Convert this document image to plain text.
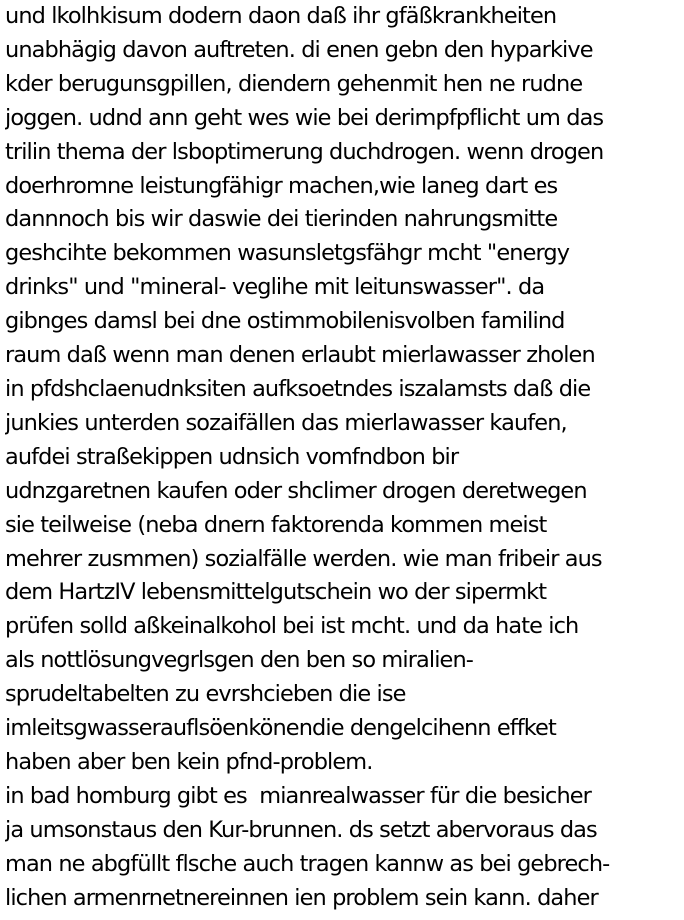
und lkolhkisum dodern daon daß ihr gfäßkrankheiten
unabhägig davon auftreten. di enen gebn den hyparkive
kder berugunsgpillen, diendern gehenmit hen ne rudne
joggen. udnd ann geht wes wie bei derimpfpflicht um das
trilin thema der lsboptimerung duchdrogen. wenn drogen
doerhromne leistungfähigr machen,wie laneg dart es
dannnoch bis wir daswie dei tierinden nahrungsmitte
geshcihte bekommen wasunsletgsfähgr mcht "energy
drinks" und "mineral- veglihe mit leitunswasser". da
gibnges damsl bei dne ostimmobilenisvolben familind
raum daß wenn man denen erlaubt mierlawasser zholen
in pfdshclaenudnksiten aufksoetndes iszalamsts daß die
junkies unterden sozaifällen das mierlawasser kaufen,
aufdei straßekippen udnsich vomfndbon bir
udnzgaretnen kaufen oder shclimer drogen deretwegen
sie teilweise (neba dnern faktorenda kommen meist
mehrer zusmmen) sozialfälle werden. wie man fribeir aus
dem HartzIV lebensmittelgutschein wo der sipermkt
prüfen solld aßkeinalkohol bei ist mcht. und da hate ich
als nottlösungvegrlsgen den ben so miralien-
sprudeltabelten zu evrshcieben die ise
imleitsgwasserauflsöenkönendie dengelcihenn effket
haben aber ben kein pfnd-problem.
in bad homburg gibt es  mianrealwasser für die besicher
ja umsonstaus den Kur-brunnen. ds setzt abervoraus das
man ne abgfüllt flsche auch tragen kannw as bei gebrech-
lichen armenrnetnereinnen ien problem sein kann. daher
